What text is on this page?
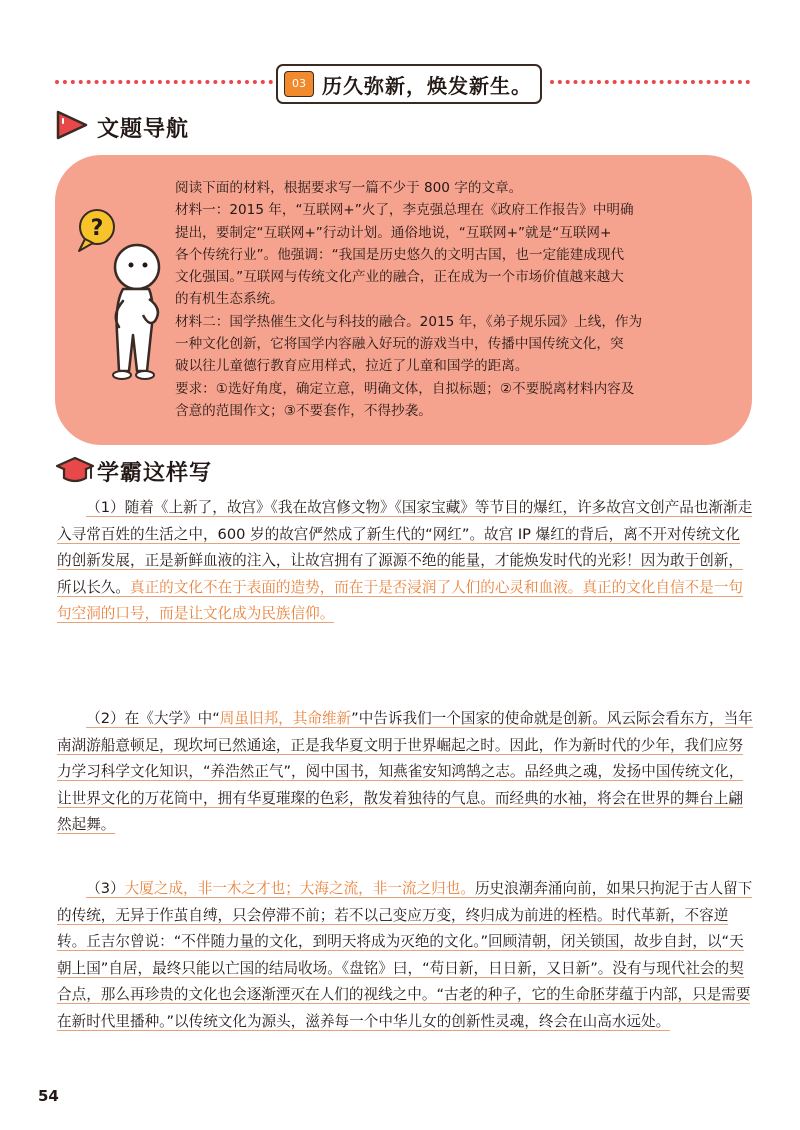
03 历久弥新，焕发新生。
文题导航
?

阅读下面的材料，根据要求写一篇不少于 800 字的文章。

材料一：2015 年，“互联网+”火了，李克强总理在《政府工作报告》中明确

提出，要制定“互联网+”行动计划。通俗地说，“互联网+”就是“互联网+

各个传统行业”。他强调：“我国是历史悠久的文明古国，也一定能建成现代

文化强国。”互联网与传统文化产业的融合，正在成为一个市场价值越来越大

的有机生态系统。

材料二：国学热催生文化与科技的融合。2015 年，《弟子规乐园》上线，作为

一种文化创新，它将国学内容融入好玩的游戏当中，传播中国传统文化，突

破以往儿童德行教育应用样式，拉近了儿童和国学的距离。

要求：①选好角度，确定立意，明确文体，自拟标题；②不要脱离材料内容及

含意的范围作文；③不要套作，不得抄袭。

学霸这样写

（1）随着《上新了，故宫》《我在故宫修文物》《国家宝藏》等节目的爆红，许多故宫文创产品也渐渐走入寻常百姓的生活之中，600 岁的故宫俨然成了新生代的“网红”。故宫 IP 爆红的背后，离不开对传统文化的创新发展，正是新鲜血液的注入，让故宫拥有了源源不绝的能量，才能焕发时代的光彩！因为敢于创新，所以长久。真正的文化不在于表面的造势，而在于是否浸润了人们的心灵和血液。真正的文化自信不是一句句空洞的口号，而是让文化成为民族信仰。

（2）在《大学》中“周虽旧邦，其命维新”中告诉我们一个国家的使命就是创新。风云际会看东方，当年南湖游船意顿足，现坎坷已然通途，正是我华夏文明于世界崛起之时。因此，作为新时代的少年，我们应努力学习科学文化知识，“养浩然正气”，阅中国书，知燕雀安知鸿鹄之志。品经典之魂，发扬中国传统文化，让世界文化的万花筒中，拥有华夏璀璨的色彩，散发着独待的气息。而经典的水袖，将会在世界的舞台上翩然起舞。

（3）大厦之成，非一木之才也；大海之流，非一流之归也。历史浪潮奔涌向前，如果只拘泥于古人留下的传统，无异于作茧自缚，只会停滞不前；若不以己变应万变，终归成为前进的桎梏。时代革新，不容逆转。丘吉尔曾说：“不伴随力量的文化，到明天将成为灭绝的文化。”回顾清朝，闭关锁国，故步自封，以“天朝上国”自居，最终只能以亡国的结局收场。《盘铭》曰，“苟日新，日日新，又日新”。没有与现代社会的契合点，那么再珍贵的文化也会逐渐湮灭在人们的视线之中。“古老的种子，它的生命胚芽蕴于内部，只是需要在新时代里播种。”以传统文化为源头，滋养每一个中华儿女的创新性灵魂，终会在山高水远处。

54
